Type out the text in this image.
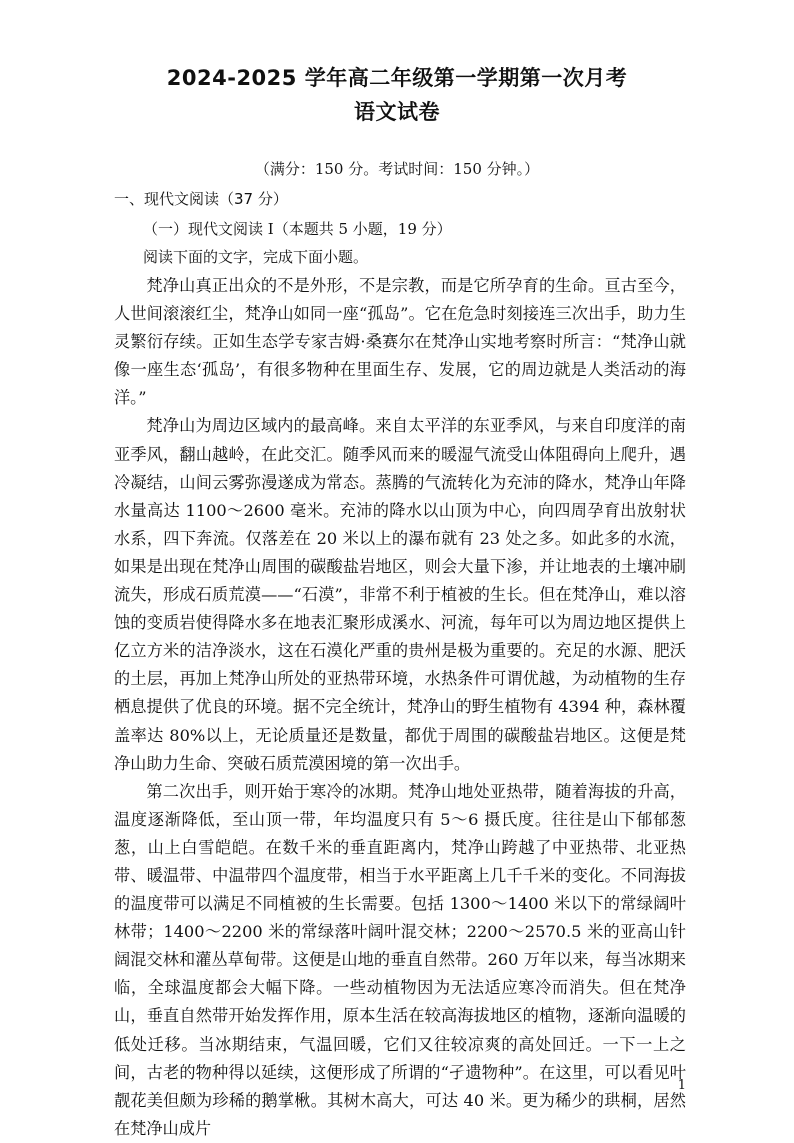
2024-2025 学年高二年级第一学期第一次月考
语文试卷
（满分：150 分。考试时间：150 分钟。）
一、现代文阅读（37 分）
（一）现代文阅读 I（本题共 5 小题，19 分）
阅读下面的文字，完成下面小题。

梵净山真正出众的不是外形，不是宗教，而是它所孕育的生命。亘古至今，人世间滚滚红尘，梵净山如同一座“孤岛”。它在危急时刻接连三次出手，助力生灵繁衍存续。正如生态学专家吉姆·桑赛尔在梵净山实地考察时所言：“梵净山就像一座生态‘孤岛’，有很多物种在里面生存、发展，它的周边就是人类活动的海洋。”

梵净山为周边区域内的最高峰。来自太平洋的东亚季风，与来自印度洋的南亚季风，翻山越岭，在此交汇。随季风而来的暖湿气流受山体阻碍向上爬升，遇冷凝结，山间云雾弥漫遂成为常态。蒸腾的气流转化为充沛的降水，梵净山年降水量高达 1100～2600 毫米。充沛的降水以山顶为中心，向四周孕育出放射状水系，四下奔流。仅落差在 20 米以上的瀑布就有 23 处之多。如此多的水流，如果是出现在梵净山周围的碳酸盐岩地区，则会大量下渗，并让地表的土壤冲刷流失，形成石质荒漠——“石漠”，非常不利于植被的生长。但在梵净山，难以溶蚀的变质岩使得降水多在地表汇聚形成溪水、河流，每年可以为周边地区提供上亿立方米的洁净淡水，这在石漠化严重的贵州是极为重要的。充足的水源、肥沃的土层，再加上梵净山所处的亚热带环境，水热条件可谓优越，为动植物的生存栖息提供了优良的环境。据不完全统计，梵净山的野生植物有 4394 种，森林覆盖率达 80%以上，无论质量还是数量，都优于周围的碳酸盐岩地区。这便是梵净山助力生命、突破石质荒漠困境的第一次出手。

第二次出手，则开始于寒冷的冰期。梵净山地处亚热带，随着海拔的升高，温度逐渐降低，至山顶一带，年均温度只有 5～6 摄氏度。往往是山下郁郁葱葱，山上白雪皑皑。在数千米的垂直距离内，梵净山跨越了中亚热带、北亚热带、暖温带、中温带四个温度带，相当于水平距离上几千千米的变化。不同海拔的温度带可以满足不同植被的生长需要。包括 1300～1400 米以下的常绿阔叶林带；1400～2200 米的常绿落叶阔叶混交林；2200～2570.5 米的亚高山针阔混交林和灌丛草甸带。这便是山地的垂直自然带。260 万年以来，每当冰期来临，全球温度都会大幅下降。一些动植物因为无法适应寒冷而消失。但在梵净山，垂直自然带开始发挥作用，原本生活在较高海拔地区的植物，逐渐向温暖的低处迁移。当冰期结束，气温回暖，它们又往较凉爽的高处回迁。一下一上之间，古老的物种得以延续，这便形成了所谓的“孑遗物种”。在这里，可以看见叶靓花美但颇为珍稀的鹅掌楸。其树木高大，可达 40 米。更为稀少的珙桐，居然在梵净山成片

1
